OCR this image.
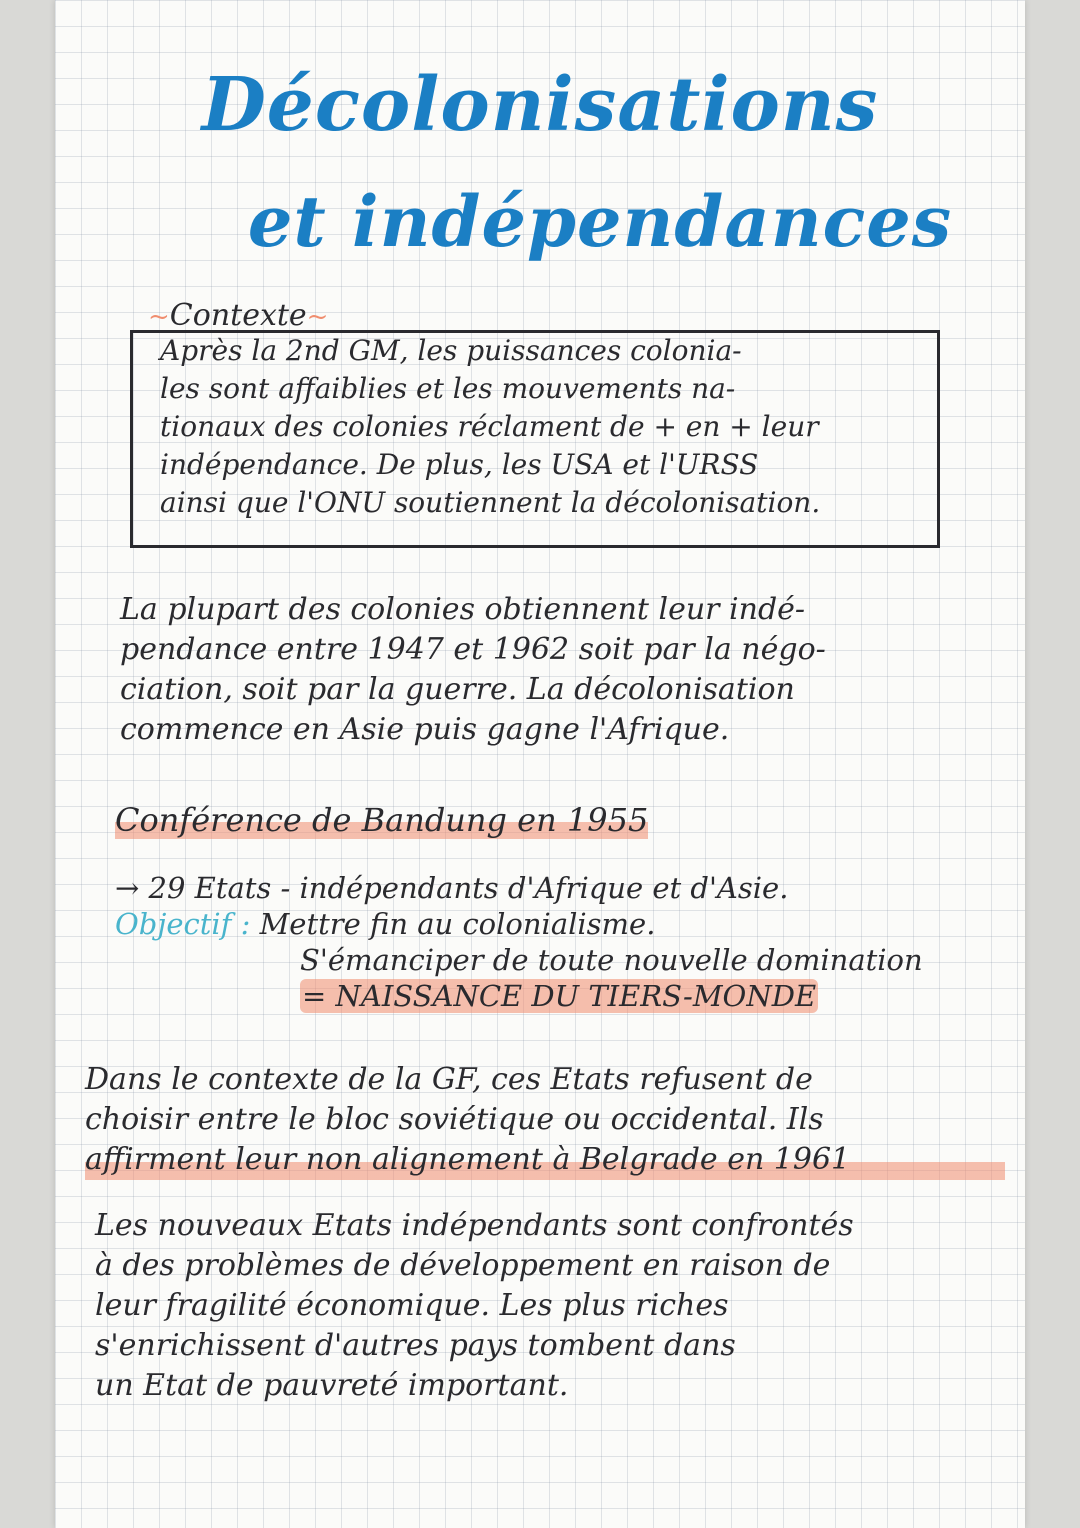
Décolonisations
et indépendances
~Contexte~
Après la 2nd GM, les puissances colonia-
les sont affaiblies et les mouvements na-
tionaux des colonies réclament de + en + leur
indépendance. De plus, les USA et l'URSS
ainsi que l'ONU soutiennent la décolonisation.
La plupart des colonies obtiennent leur indé-
pendance entre 1947 et 1962 soit par la négo-
ciation, soit par la guerre. La décolonisation
commence en Asie puis gagne l'Afrique.
Conférence de Bandung en 1955
→ 29 Etats - indépendants d'Afrique et d'Asie.
Objectif : Mettre fin au colonialisme.
S'émanciper de toute nouvelle domination
= NAISSANCE DU TIERS-MONDE
Dans le contexte de la GF, ces Etats refusent de
choisir entre le bloc soviétique ou occidental. Ils
affirment leur non alignement à Belgrade en 1961
Les nouveaux Etats indépendants sont confrontés
à des problèmes de développement en raison de
leur fragilité économique. Les plus riches
s'enrichissent d'autres pays tombent dans
un Etat de pauvreté important.
